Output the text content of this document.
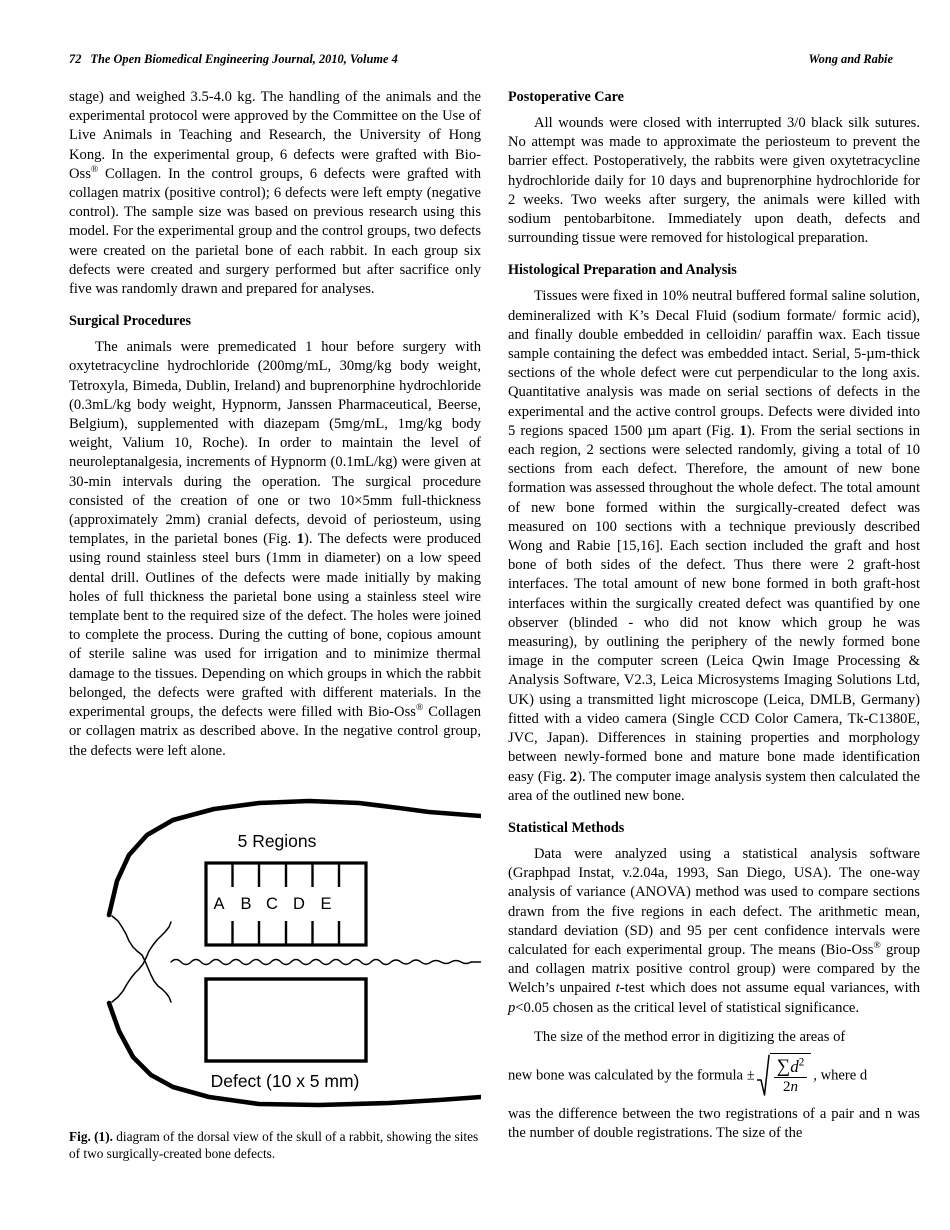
72 The Open Biomedical Engineering Journal, 2010, Volume 4	Wong and Rabie

stage) and weighed 3.5-4.0 kg. The handling of the animals and the experimental protocol were approved by the Committee on the Use of Live Animals in Teaching and Research, the University of Hong Kong. In the experimental group, 6 defects were grafted with Bio-Oss® Collagen. In the control groups, 6 defects were grafted with collagen matrix (positive control); 6 defects were left empty (negative control). The sample size was based on previous research using this model. For the experimental group and the control groups, two defects were created on the parietal bone of each rabbit. In each group six defects were created and surgery performed but after sacrifice only five was randomly drawn and prepared for analyses.

Surgical Procedures

The animals were premedicated 1 hour before surgery with oxytetracycline hydrochloride (200mg/mL, 30mg/kg body weight, Tetroxyla, Bimeda, Dublin, Ireland) and buprenorphine hydrochloride (0.3mL/kg body weight, Hypnorm, Janssen Pharmaceutical, Beerse, Belgium), supplemented with diazepam (5mg/mL, 1mg/kg body weight, Valium 10, Roche). In order to maintain the level of neuroleptanalgesia, increments of Hypnorm (0.1mL/kg) were given at 30-min intervals during the operation. The surgical procedure consisted of the creation of one or two 10×5mm full-thickness (approximately 2mm) cranial defects, devoid of periosteum, using templates, in the parietal bones (Fig. 1). The defects were produced using round stainless steel burs (1mm in diameter) on a low speed dental drill. Outlines of the defects were made initially by making holes of full thickness the parietal bone using a stainless steel wire template bent to the required size of the defect. The holes were joined to complete the process. During the cutting of bone, copious amount of sterile saline was used for irrigation and to minimize thermal damage to the tissues. Depending on which groups in which the rabbit belonged, the defects were grafted with different materials. In the experimental groups, the defects were filled with Bio-Oss® Collagen or collagen matrix as described above. In the negative control group, the defects were left alone.

5 Regions
A B C D E
Defect (10 x 5 mm)

Fig. (1). diagram of the dorsal view of the skull of a rabbit, showing the sites of two surgically-created bone defects.

Postoperative Care

All wounds were closed with interrupted 3/0 black silk sutures. No attempt was made to approximate the periosteum to prevent the barrier effect. Postoperatively, the rabbits were given oxytetracycline hydrochloride daily for 10 days and buprenorphine hydrochloride for 2 weeks. Two weeks after surgery, the animals were killed with sodium pentobarbitone. Immediately upon death, defects and surrounding tissue were removed for histological preparation.

Histological Preparation and Analysis

Tissues were fixed in 10% neutral buffered formal saline solution, demineralized with K’s Decal Fluid (sodium formate/ formic acid), and finally double embedded in celloidin/ paraffin wax. Each tissue sample containing the defect was embedded intact. Serial, 5-µm-thick sections of the whole defect were cut perpendicular to the long axis. Quantitative analysis was made on serial sections of defects in the experimental and the active control groups. Defects were divided into 5 regions spaced 1500 µm apart (Fig. 1). From the serial sections in each region, 2 sections were selected randomly, giving a total of 10 sections from each defect. Therefore, the amount of new bone formation was assessed throughout the whole defect. The total amount of new bone formed within the surgically-created defect was measured on 100 sections with a technique previously described Wong and Rabie [15,16]. Each section included the graft and host bone of both sides of the defect. Thus there were 2 graft-host interfaces. The total amount of new bone formed in both graft-host interfaces within the surgically created defect was quantified by one observer (blinded - who did not know which group he was measuring), by outlining the periphery of the newly formed bone image in the computer screen (Leica Qwin Image Processing & Analysis Software, V2.3, Leica Microsystems Imaging Solutions Ltd, UK) using a transmitted light microscope (Leica, DMLB, Germany) fitted with a video camera (Single CCD Color Camera, Tk-C1380E, JVC, Japan). Differences in staining properties and morphology between newly-formed bone and mature bone made identification easy (Fig. 2). The computer image analysis system then calculated the area of the outlined new bone.

Statistical Methods

Data were analyzed using a statistical analysis software (Graphpad Instat, v.2.04a, 1993, San Diego, USA). The one-way analysis of variance (ANOVA) method was used to compare sections drawn from the five regions in each defect. The arithmetic mean, standard deviation (SD) and 95 per cent confidence intervals were calculated for each experimental group. The means (Bio-Oss® group and collagen matrix positive control group) were compared by the Welch’s unpaired t-test which does not assume equal variances, with p<0.05 chosen as the critical level of statistical significance.

The size of the method error in digitizing the areas of

new bone was calculated by the formula ± $\frac{\sum d^2}{2n}$ , where d

was the difference between the two registrations of a pair and n was the number of double registrations. The size of the
